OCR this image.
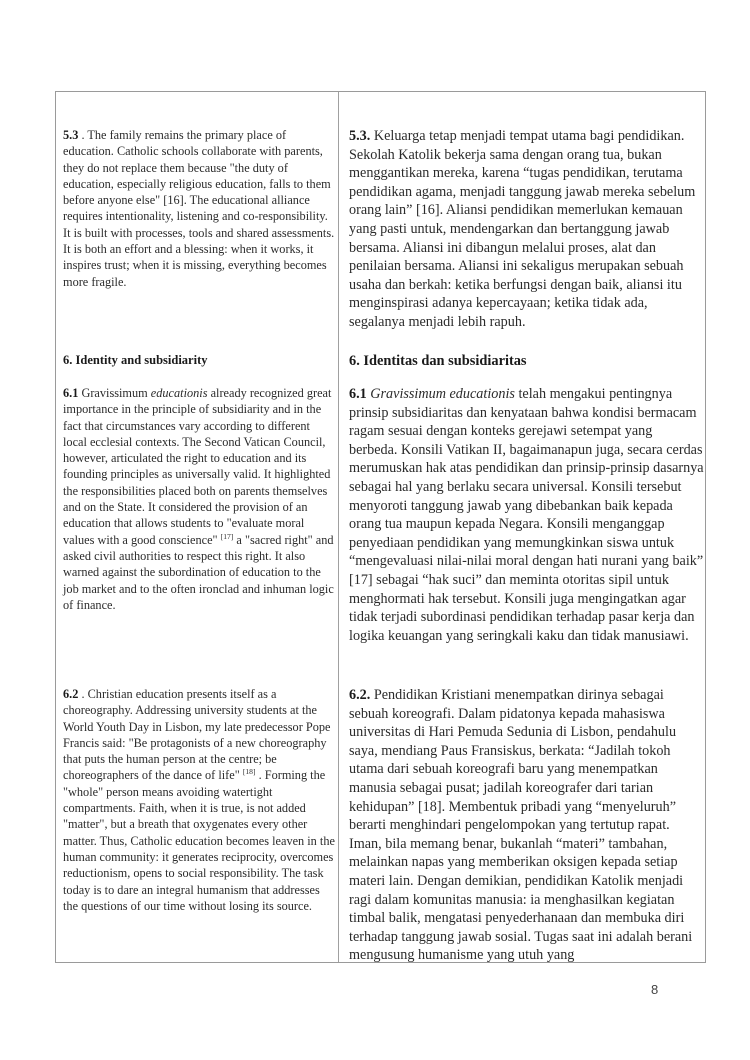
5.3 . The family remains the primary place of education. Catholic schools collaborate with parents, they do not replace them because "the duty of education, especially religious education, falls to them before anyone else" [16]. The educational alliance requires intentionality, listening and co-responsibility. It is built with processes, tools and shared assessments. It is both an effort and a blessing: when it works, it inspires trust; when it is missing, everything becomes more fragile.
5.3. Keluarga tetap menjadi tempat utama bagi pendidikan. Sekolah Katolik bekerja sama dengan orang tua, bukan menggantikan mereka, karena “tugas pendidikan, terutama pendidikan agama, menjadi tanggung jawab mereka sebelum orang lain” [16]. Aliansi pendidikan memerlukan kemauan yang pasti untuk, mendengarkan dan bertanggung jawab bersama. Aliansi ini dibangun melalui proses, alat dan penilaian bersama. Aliansi ini sekaligus merupakan sebuah usaha dan berkah: ketika berfungsi dengan baik, aliansi itu menginspirasi adanya kepercayaan; ketika tidak ada, segalanya menjadi lebih rapuh.
6. Identity and subsidiarity
6.1 Gravissimum educationis already recognized great importance in the principle of subsidiarity and in the fact that circumstances vary according to different local ecclesial contexts. The Second Vatican Council, however, articulated the right to education and its founding principles as universally valid. It highlighted the responsibilities placed both on parents themselves and on the State. It considered the provision of an education that allows students to "evaluate moral values with a good conscience" [17] a "sacred right" and asked civil authorities to respect this right. It also warned against the subordination of education to the job market and to the often ironclad and inhuman logic of finance.
6. Identitas dan subsidiaritas
6.1 Gravissimum educationis telah mengakui pentingnya prinsip subsidiaritas dan kenyataan bahwa kondisi bermacam ragam sesuai dengan konteks gerejawi setempat yang berbeda. Konsili Vatikan II, bagaimanapun juga, secara cerdas merumuskan hak atas pendidikan dan prinsip-prinsip dasarnya sebagai hal yang berlaku secara universal. Konsili tersebut menyoroti tanggung jawab yang dibebankan baik kepada orang tua maupun kepada Negara. Konsili menganggap penyediaan pendidikan yang memungkinkan siswa untuk “mengevaluasi nilai-nilai moral dengan hati nurani yang baik” [17] sebagai “hak suci” dan meminta otoritas sipil untuk menghormati hak tersebut. Konsili juga mengingatkan agar tidak terjadi subordinasi pendidikan terhadap pasar kerja dan logika keuangan yang seringkali kaku dan tidak manusiawi.
6.2 . Christian education presents itself as a choreography. Addressing university students at the World Youth Day in Lisbon, my late predecessor Pope Francis said: "Be protagonists of a new choreography that puts the human person at the centre; be choreographers of the dance of life" [18] . Forming the "whole" person means avoiding watertight compartments. Faith, when it is true, is not added "matter", but a breath that oxygenates every other matter. Thus, Catholic education becomes leaven in the human community: it generates reciprocity, overcomes reductionism, opens to social responsibility. The task today is to dare an integral humanism that addresses the questions of our time without losing its source.
6.2. Pendidikan Kristiani menempatkan dirinya sebagai sebuah koreografi. Dalam pidatonya kepada mahasiswa universitas di Hari Pemuda Sedunia di Lisbon, pendahulu saya, mendiang Paus Fransiskus, berkata: “Jadilah tokoh utama dari sebuah koreografi baru yang menempatkan manusia sebagai pusat; jadilah koreografer dari tarian kehidupan” [18]. Membentuk pribadi yang “menyeluruh” berarti menghindari pengelompokan yang tertutup rapat. Iman, bila memang benar, bukanlah “materi” tambahan, melainkan napas yang memberikan oksigen kepada setiap materi lain. Dengan demikian, pendidikan Katolik menjadi ragi dalam komunitas manusia: ia menghasilkan kegiatan timbal balik, mengatasi penyederhanaan dan membuka diri terhadap tanggung jawab sosial. Tugas saat ini adalah berani mengusung humanisme yang utuh yang
8
